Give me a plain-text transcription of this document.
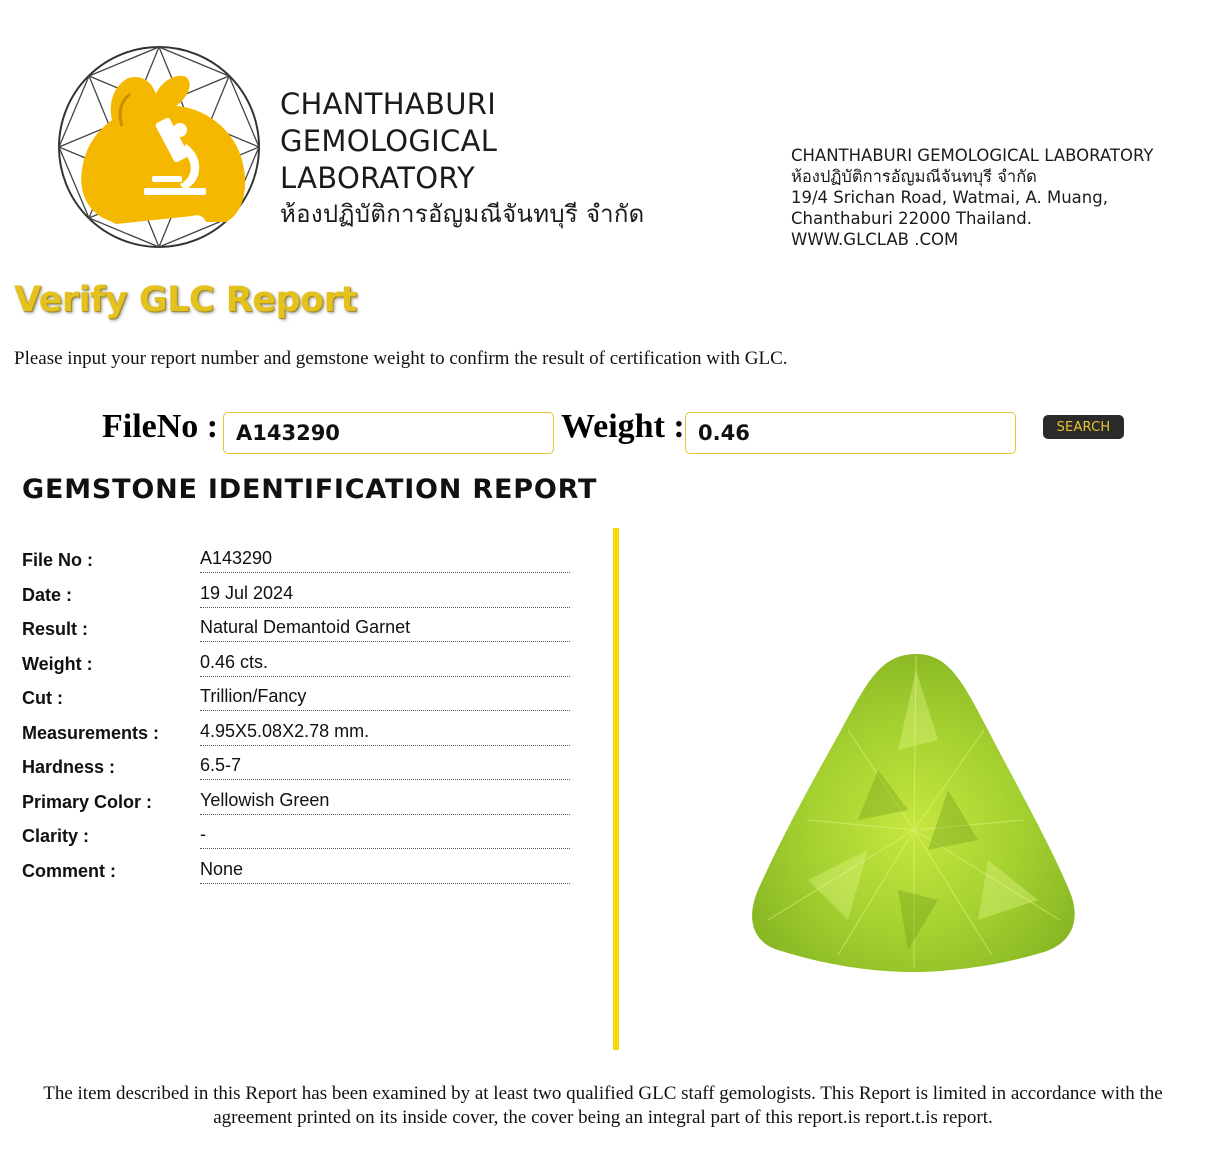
CHANTHABURI
GEMOLOGICAL
LABORATORY
ห้องปฏิบัติการอัญมณีจันทบุรี จำกัด
CHANTHABURI GEMOLOGICAL LABORATORY
ห้องปฏิบัติการอัญมณีจันทบุรี จำกัด
19/4 Srichan Road, Watmai, A. Muang,
Chanthaburi 22000 Thailand.
WWW.GLCLAB .COM
Verify GLC Report
Please input your report number and gemstone weight to confirm the result of certification with GLC.
FileNo :
A143290	Weight :
0.46	SEARCH
GEMSTONE IDENTIFICATION REPORT
File No :	A143290
Date :	19 Jul 2024
Result :	Natural Demantoid Garnet
Weight :	0.46 cts.
Cut :	Trillion/Fancy
Measurements : 4.95X5.08X2.78 mm.
Hardness :	6.5-7
Primary Color :	Yellowish Green
Clarity :	-
Comment :	None
The item described in this Report has been examined by at least two qualified GLC staff gemologists. This Report is limited in accordance with the agreement printed on its inside cover, the cover being an integral part of this report.is report.t.is report.
